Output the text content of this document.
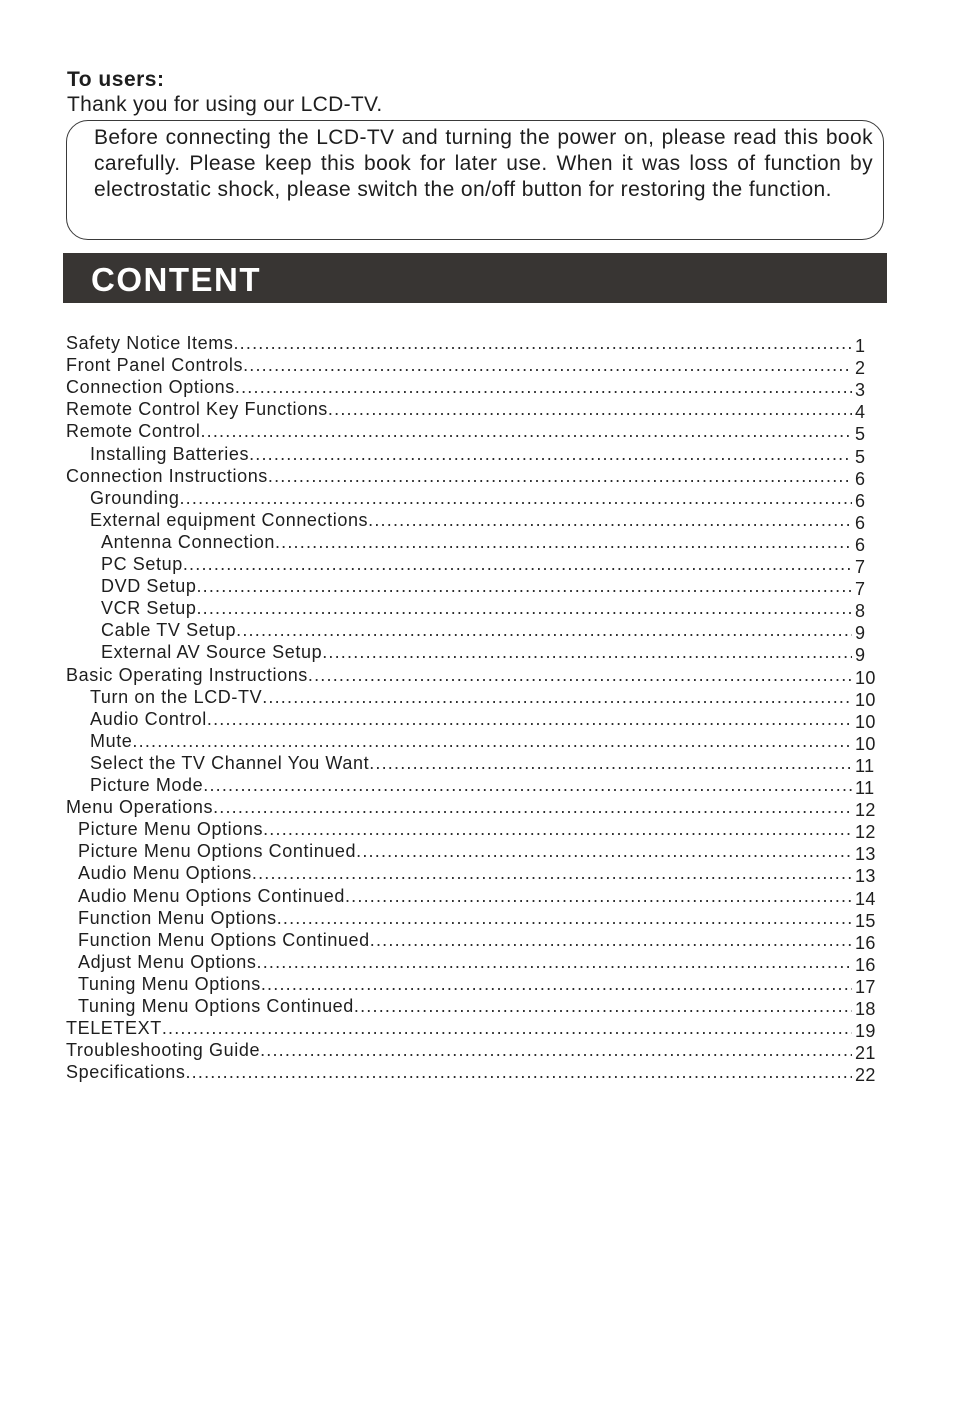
To users:
Thank you for using our LCD-TV.
Before connecting the LCD-TV and turning the power on, please read this book carefully. Please keep this book for later use. When it was loss of function by electrostatic shock, please switch the on/off button for restoring the function.
CONTENT
Safety Notice Items .....	1
Front Panel Controls .....	2
Connection Options .....	3
Remote Control Key Functions .....	4
Remote Control .....	5
Installing Batteries .....	5
Connection Instructions .....	6
Grounding .....	6
External equipment Connections .....	6
Antenna Connection .....	6
PC Setup .....	7
DVD Setup .....	7
VCR Setup .....	8
Cable TV Setup .....	9
External AV Source Setup .....	9
Basic Operating Instructions .....	10
Turn on the LCD-TV .....	10
Audio Control .....	10
Mute .....	10
Select the TV Channel You Want .....	11
Picture Mode .....	11
Menu Operations .....	12
Picture Menu Options .....	12
Picture Menu Options Continued .....	13
Audio Menu Options .....	13
Audio Menu Options Continued .....	14
Function Menu Options .....	15
Function Menu Options Continued .....	16
Adjust Menu Options .....	16
Tuning Menu Options .....	17
Tuning Menu Options Continued .....	18
TELETEXT .....	19
Troubleshooting Guide .....	21
Specifications .....	22
